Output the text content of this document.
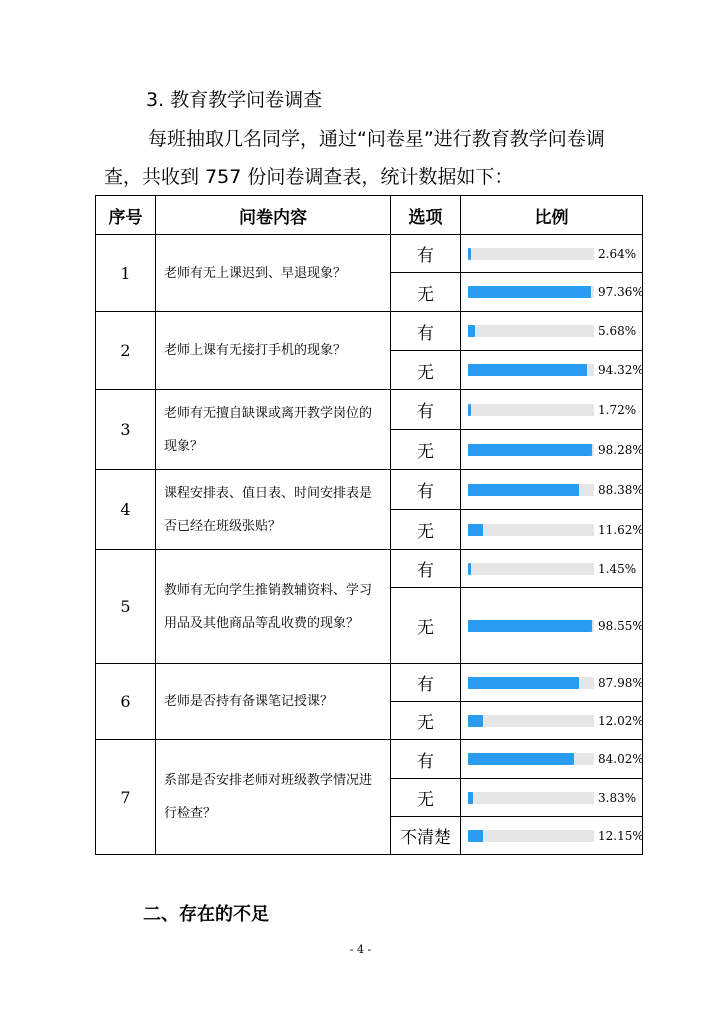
3. 教育教学问卷调查
每班抽取几名同学，通过“问卷星”进行教育教学问卷调
查，共收到 757 份问卷调查表，统计数据如下：
序号	问卷内容	选项	比例
1	老师有无上课迟到、早退现象？	有	2.64%

		无	97.36%

2	老师上课有无接打手机的现象？	有	5.68%

		无	94.32%

3	老师有无擅自缺课或离开教学岗位的现象？	有	1.72%

		无	98.28%

4	课程安排表、值日表、时间安排表是否已经在班级张贴？	有	88.38%

		无	11.62%

5	教师有无向学生推销教辅资料、学习用品及其他商品等乱收费的现象？	有	1.45%

		无	98.55%

6	老师是否持有备课笔记授课？	有	87.98%

		无	12.02%

7	系部是否安排老师对班级教学情况进行检查？	有	84.02%

		无	3.83%

		不清楚	12.15%
二、存在的不足
- 4 -
